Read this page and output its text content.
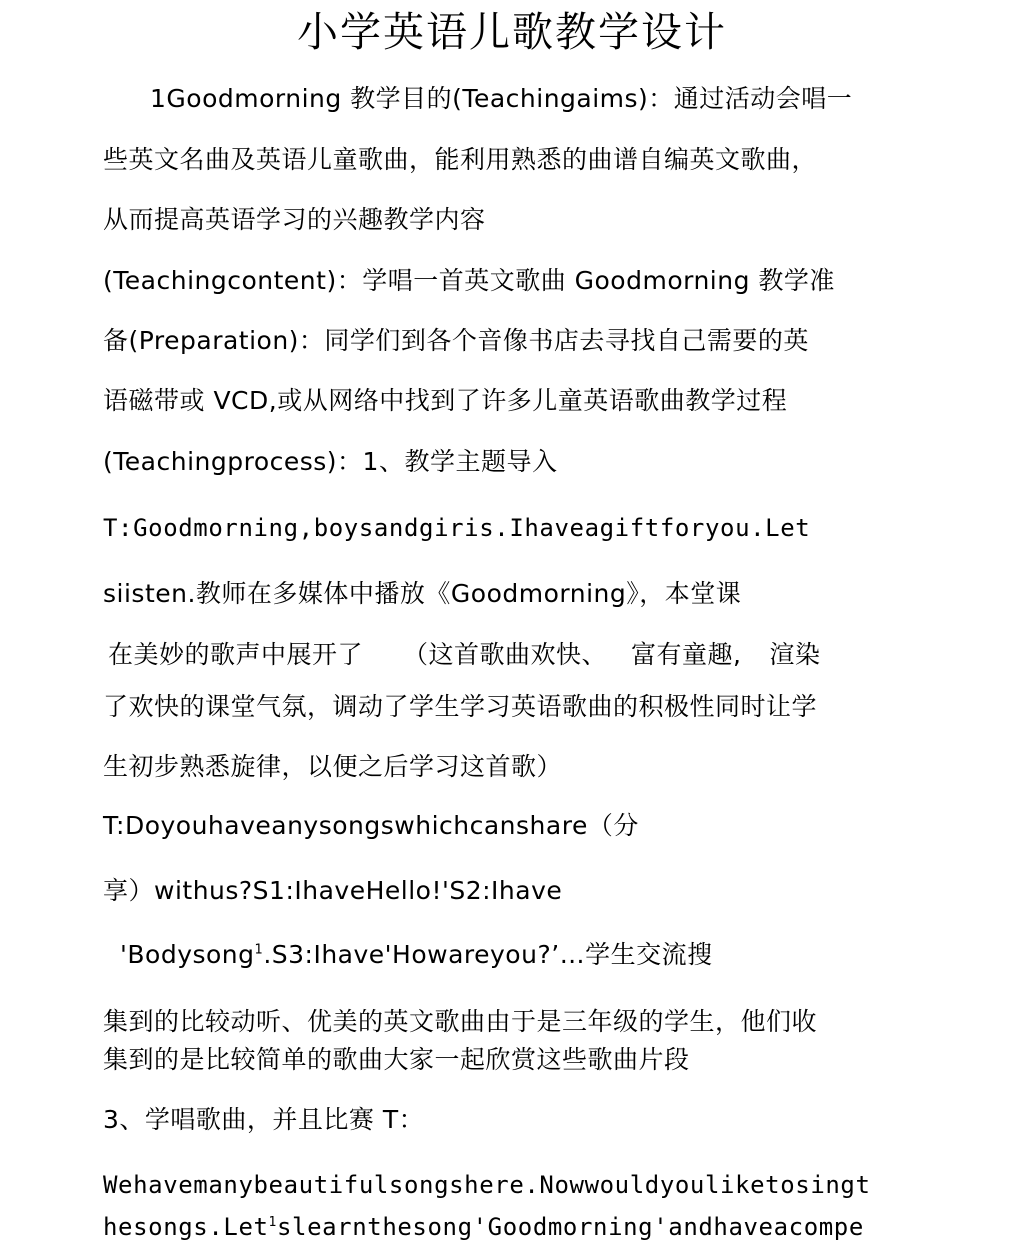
小学英语儿歌教学设计

1Goodmorning 教学目的(Teachingaims)：通过活动会唱一

些英文名曲及英语儿童歌曲，能利用熟悉的曲谱自编英文歌曲，

从而提高英语学习的兴趣教学内容

(Teachingcontent)：学唱一首英文歌曲 Goodmorning 教学准

备(Preparation)：同学们到各个音像书店去寻找自己需要的英

语磁带或 VCD,或从网络中找到了许多儿童英语歌曲教学过程

(Teachingprocess)：1、教学主题导入

T:Goodmorning,boysandgiris.Ihaveagiftforyou.Let

siisten.教师在多媒体中播放《Goodmorning》，本堂课

在美妙的歌声中展开了 （这首歌曲欢快、 富有童趣, 渲染

了欢快的课堂气氛，调动了学生学习英语歌曲的积极性同时让学

生初步熟悉旋律，以便之后学习这首歌）

T:Doyouhaveanysongswhichcanshare（分

享）withus?S1:IhaveHello!'S2:Ihave

'Bodysong$^1$.S3:Ihave'Howareyou?’…学生交流搜

集到的比较动听、优美的英文歌曲由于是三年级的学生，他们收

集到的是比较简单的歌曲大家一起欣赏这些歌曲片段

3、学唱歌曲，并且比赛 T：

Wehavemanybeautifulsongshere.Nowwouldyouliketosingt

hesongs.Let$^1$slearnthesong'Goodmorning'andhaveacompe
